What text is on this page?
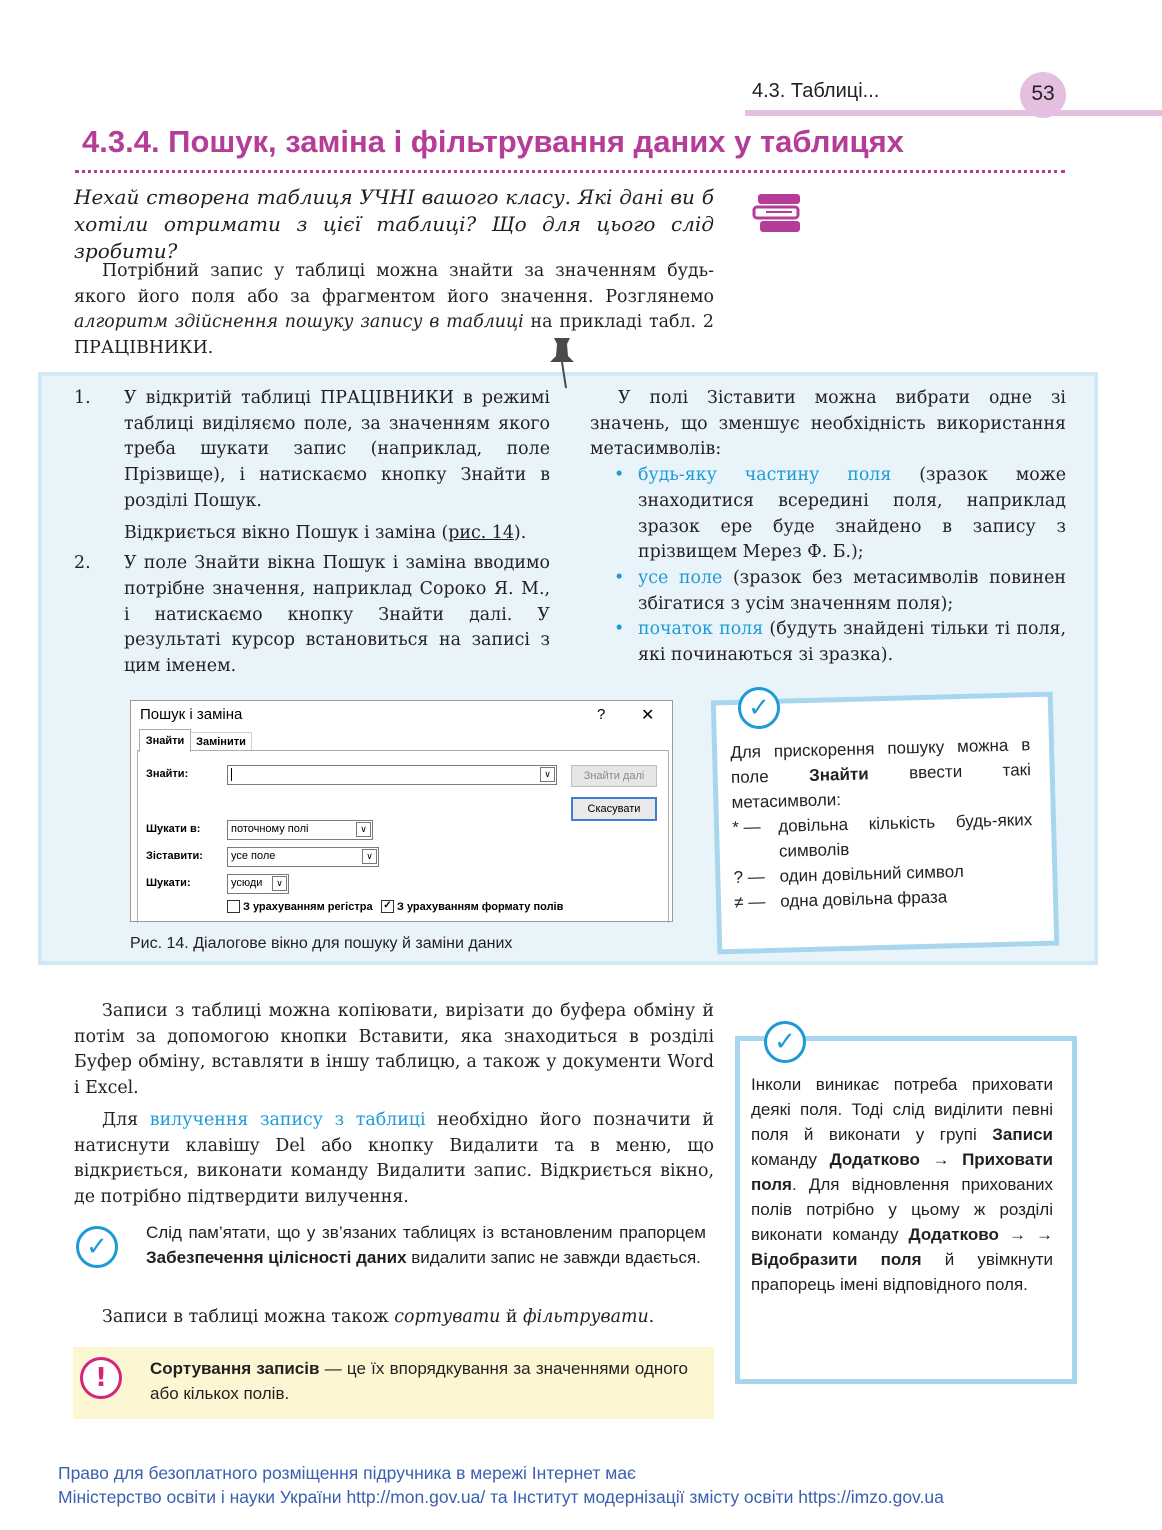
4.3. Таблиці...	53
4.3.4. Пошук, заміна і фільтрування даних у таблицях

Нехай створена таблиця УЧНІ вашого класу. Які дані ви б хотіли отримати з цієї таблиці? Що для цього слід зробити?

Потрібний запис у таблиці можна знайти за значенням будь-якого його поля або за фрагментом його значення. Розглянемо алгоритм здійснення пошуку запису в таблиці на прикладі табл. 2 ПРАЦІВНИКИ.

1.	У відкритій таблиці ПРАЦІВНИКИ в режимі таблиці виділяємо поле, за значенням якого треба шукати запис (наприклад, поле Прізвище), і натискаємо кнопку Знайти в розділі Пошук.

Відкриється вікно Пошук і заміна (рис. 14).

2.	У поле Знайти вікна Пошук і заміна вводимо потрібне значення, наприклад Сороко Я. М., і натискаємо кнопку Знайти далі. У результаті курсор встановиться на записі з цим іменем.

У полі Зіставити можна вибрати одне зі значень, що зменшує необхідність використання метасимволів:

• будь-яку частину поля (зразок може знаходитися всередині поля, наприклад зразок ере буде знайдено в запису з прізвищем Мерез Ф. Б.);
• усе поле (зразок без метасимволів повинен збігатися з усім значенням поля);
• початок поля (будуть знайдені тільки ті поля, які починаються зі зразка).
Пошук і заміна	? ✕
Знайти	Замінити
Знайти:	∨	Знайти далі
Скасувати
Шукати в:	поточному полі	∨
Зіставити:	усе поле	∨
Шукати:	усюди	∨
З урахуванням регістра ✓ З урахуванням формату полів
Рис. 14. Діалогове вікно для пошуку й заміни даних
✓

Для прискорення пошуку можна в поле Знайти ввести такі метасимволи:

* —	довільна кількість будь-яких символів
? — один довільний символ
≠ — одна довільна фраза

Записи з таблиці можна копіювати, вирізати до буфера обміну й потім за допомогою кнопки Вставити, яка знаходиться в розділі Буфер обміну, вставляти в іншу таблицю, а також у документи Word і Excel.

Для вилучення запису з таблиці необхідно його позначити й натиснути клавішу Del або кнопку Видалити та в меню, що відкриється, виконати команду Видалити запис. Відкриється вікно, де потрібно підтвердити вилучення.

✓	Слід пам’ятати, що у зв’язаних таблицях із встановленим прапорцем Забезпечення цілісності даних видалити запис не завжди вдається.

Записи в таблиці можна також сортувати й фільтрувати.

!	Сортування записів — це їх впорядкування за значеннями одного або кількох полів.

✓

Інколи виникає потреба приховати деякі поля. Тоді слід виділити певні поля й виконати у групі Записи команду Додатково → Приховати поля. Для відновлення прихованих полів потрібно у цьому ж розділі виконати команду Додатково → → Відобразити поля й увімкнути прапорець імені відповідного поля.

Право для безоплатного розміщення підручника в мережі Інтернет має
Міністерство освіти і науки України http://mon.gov.ua/ та Інститут модернізації змісту освіти https://imzo.gov.ua
